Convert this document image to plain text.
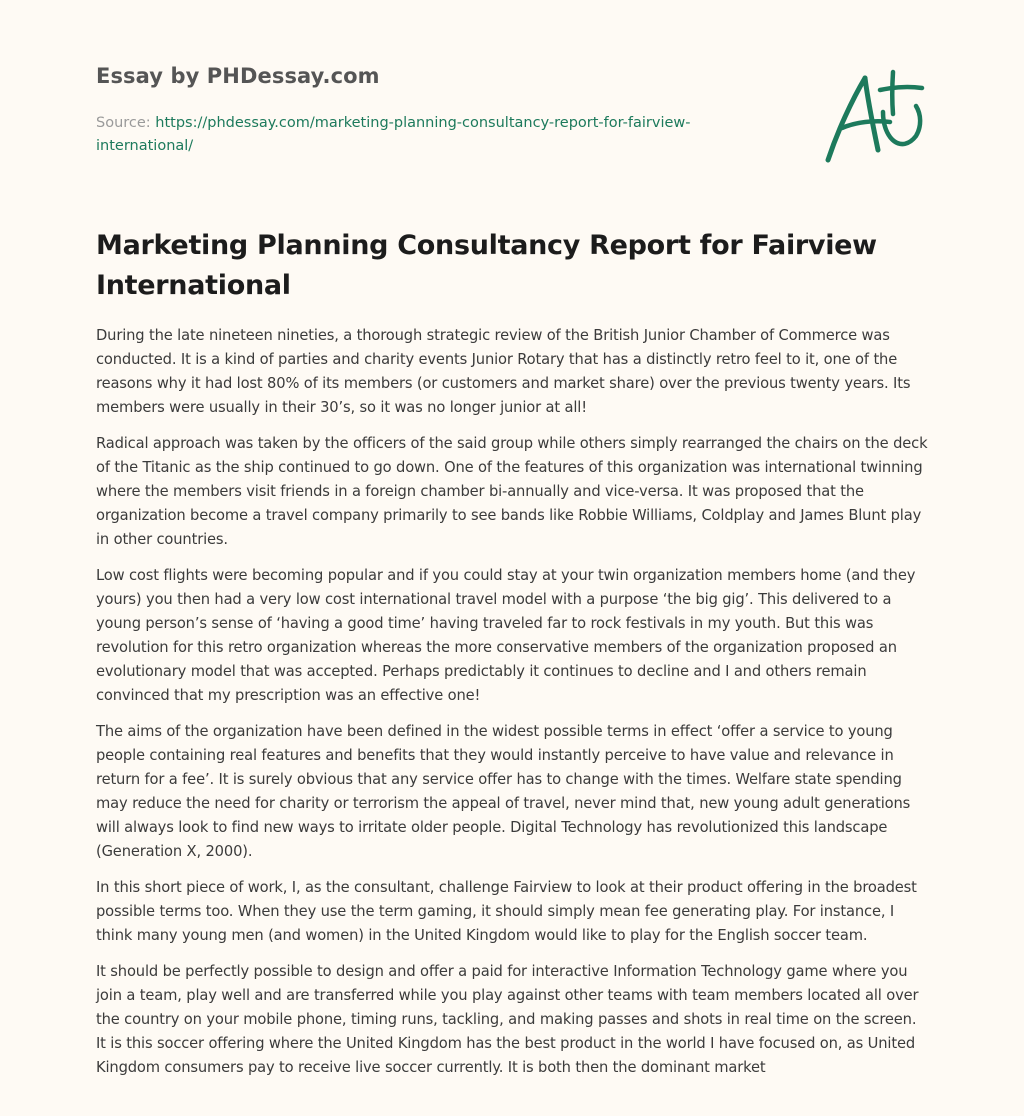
Essay by PHDessay.com

Source: https://phdessay.com/marketing-planning-consultancy-report-for-fairview-international/

Marketing Planning Consultancy Report for Fairview International

During the late nineteen nineties, a thorough strategic review of the British Junior Chamber of Commerce was conducted. It is a kind of parties and charity events Junior Rotary that has a distinctly retro feel to it, one of the reasons why it had lost 80% of its members (or customers and market share) over the previous twenty years. Its members were usually in their 30’s, so it was no longer junior at all!

Radical approach was taken by the officers of the said group while others simply rearranged the chairs on the deck of the Titanic as the ship continued to go down. One of the features of this organization was international twinning where the members visit friends in a foreign chamber bi-annually and vice-versa. It was proposed that the organization become a travel company primarily to see bands like Robbie Williams, Coldplay and James Blunt play in other countries.

Low cost flights were becoming popular and if you could stay at your twin organization members home (and they yours) you then had a very low cost international travel model with a purpose ‘the big gig’. This delivered to a young person’s sense of ‘having a good time’ having traveled far to rock festivals in my youth. But this was revolution for this retro organization whereas the more conservative members of the organization proposed an evolutionary model that was accepted. Perhaps predictably it continues to decline and I and others remain convinced that my prescription was an effective one!

The aims of the organization have been defined in the widest possible terms in effect ‘offer a service to young people containing real features and benefits that they would instantly perceive to have value and relevance in return for a fee’. It is surely obvious that any service offer has to change with the times. Welfare state spending may reduce the need for charity or terrorism the appeal of travel, never mind that, new young adult generations will always look to find new ways to irritate older people. Digital Technology has revolutionized this landscape (Generation X, 2000).

In this short piece of work, I, as the consultant, challenge Fairview to look at their product offering in the broadest possible terms too. When they use the term gaming, it should simply mean fee generating play. For instance, I think many young men (and women) in the United Kingdom would like to play for the English soccer team.

It should be perfectly possible to design and offer a paid for interactive Information Technology game where you join a team, play well and are transferred while you play against other teams with team members located all over the country on your mobile phone, timing runs, tackling, and making passes and shots in real time on the screen. It is this soccer offering where the United Kingdom has the best product in the world I have focused on, as United Kingdom consumers pay to receive live soccer currently. It is both then the dominant market
